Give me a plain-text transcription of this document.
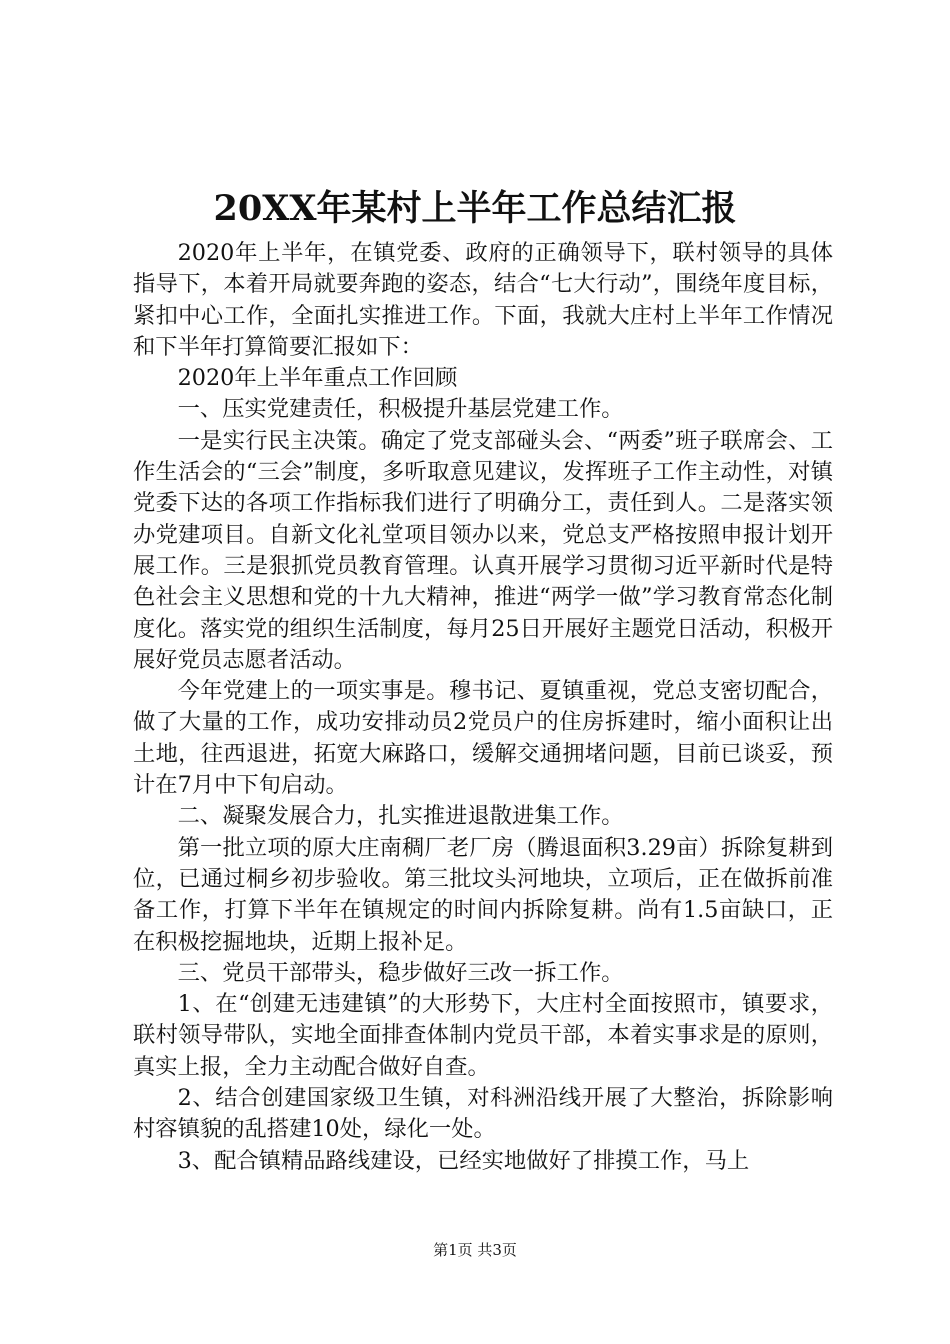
20XX年某村上半年工作总结汇报

2020年上半年，在镇党委、政府的正确领导下，联村领导的具体指导下，本着开局就要奔跑的姿态，结合“七大行动”，围绕年度目标，紧扣中心工作，全面扎实推进工作。下面，我就大庄村上半年工作情况和下半年打算简要汇报如下：

2020年上半年重点工作回顾

一、压实党建责任，积极提升基层党建工作。

一是实行民主决策。确定了党支部碰头会、“两委”班子联席会、工作生活会的“三会”制度，多听取意见建议，发挥班子工作主动性，对镇党委下达的各项工作指标我们进行了明确分工，责任到人。二是落实领办党建项目。自新文化礼堂项目领办以来，党总支严格按照申报计划开展工作。三是狠抓党员教育管理。认真开展学习贯彻习近平新时代是特色社会主义思想和党的十九大精神，推进“两学一做”学习教育常态化制度化。落实党的组织生活制度，每月25日开展好主题党日活动，积极开展好党员志愿者活动。

今年党建上的一项实事是。穆书记、夏镇重视，党总支密切配合，做了大量的工作，成功安排动员2党员户的住房拆建时，缩小面积让出土地，往西退进，拓宽大麻路口，缓解交通拥堵问题，目前已谈妥，预计在7月中下旬启动。

二、凝聚发展合力，扎实推进退散进集工作。

第一批立项的原大庄南稠厂老厂房（腾退面积3.29亩）拆除复耕到位，已通过桐乡初步验收。第三批坟头河地块，立项后，正在做拆前准备工作，打算下半年在镇规定的时间内拆除复耕。尚有1.5亩缺口，正在积极挖掘地块，近期上报补足。

三、党员干部带头，稳步做好三改一拆工作。

1、在“创建无违建镇”的大形势下，大庄村全面按照市，镇要求，联村领导带队，实地全面排查体制内党员干部，本着实事求是的原则，真实上报，全力主动配合做好自查。

2、结合创建国家级卫生镇，对科洲沿线开展了大整治，拆除影响村容镇貌的乱搭建10处，绿化一处。

3、配合镇精品路线建设，已经实地做好了排摸工作，马上

第1页 共3页
